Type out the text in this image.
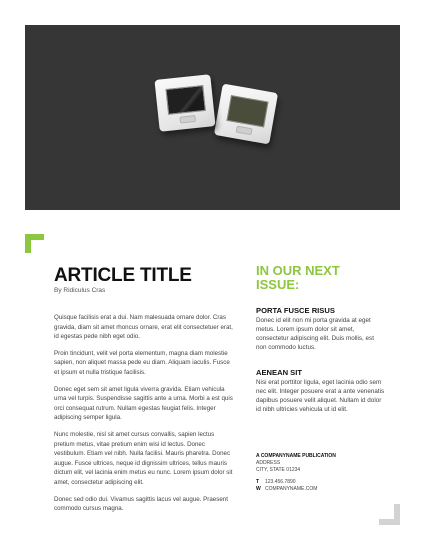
ARTICLE TITLE

By Ridiculus Cras

Quisque facilisis erat a dui. Nam malesuada ornare dolor. Cras gravida, diam sit amet rhoncus ornare, erat elit consectetuer erat, id egestas pede nibh eget odio.

Proin tincidunt, velit vel porta elementum, magna diam molestie sapien, non aliquet massa pede eu diam. Aliquam iaculis. Fusce et ipsum et nulla tristique facilisis.

Donec eget sem sit amet ligula viverra gravida. Etiam vehicula urna vel turpis. Suspendisse sagittis ante a urna. Morbi a est quis orci consequat rutrum. Nullam egestas feugiat felis. Integer adipiscing semper ligula.

Nunc molestie, nisl sit amet cursus convallis, sapien lectus pretium metus, vitae pretium enim wisi id lectus. Donec vestibulum. Etiam vel nibh. Nulla facilisi. Mauris pharetra. Donec augue. Fusce ultrices, neque id dignissim ultrices, tellus mauris dictum elit, vel lacinia enim metus eu nunc. Lorem ipsum dolor sit amet, consectetur adipiscing elit.

Donec sed odio dui. Vivamus sagittis lacus vel augue. Praesent commodo cursus magna.

IN OUR NEXT ISSUE:
PORTA FUSCE RISUS

Donec id elit non mi porta gravida at eget metus. Lorem ipsum dolor sit amet, consectetur adipiscing elit. Duis mollis, est non commodo luctus.

AENEAN SIT

Nisi erat porttitor ligula, eget lacinia odio sem nec elit. Integer posuere erat a ante venenatis dapibus posuere velit aliquet. Nullam id dolor id nibh ultricies vehicula ut id elit.

A COMPANYNAME PUBLICATION

ADDRESS

CITY, STATE 01234

T 123.456.7890

W COMPANYNAME.COM
